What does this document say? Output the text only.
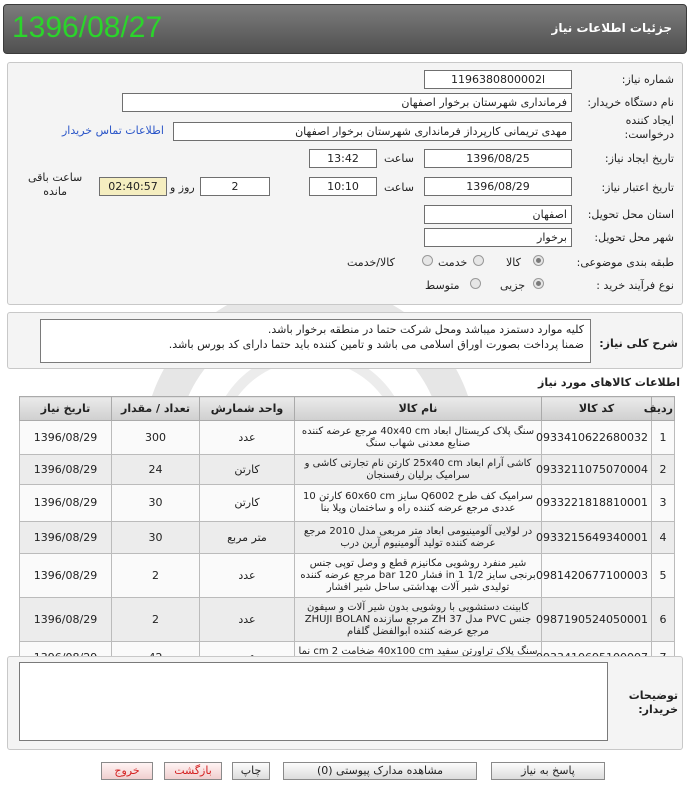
1396/08/27	جزئیات اطلاعات نیاز
شماره نیاز:
1196380800002l
نام دستگاه خریدار:
فرمانداری شهرستان برخوار اصفهان
ایجاد کننده
درخواست:
مهدی تریمانی کارپرداز فرمانداری شهرستان برخوار اصفهان
اطلاعات تماس خریدار
تاریخ ایجاد نیاز:
1396/08/25
ساعت
13:42
تاریخ اعتبار نیاز:
1396/08/29
ساعت
10:10
2
روز و
02:40:57
ساعت باقی
مانده
استان محل تحویل:
اصفهان
شهر محل تحویل:
برخوار
طبقه بندی موضوعی:
کالا
خدمت
کالا/خدمت
نوع فرآیند خرید :
جزیی
متوسط
شرح کلی نیاز:
کلیه موارد دستمزد میباشد ومحل شرکت حتما در منطقه برخوار باشد.
ضمنا پرداخت بصورت اوراق اسلامی می باشد و تامین کننده باید حتما دارای کد بورس باشد.
اطلاعات کالاهای مورد نیاز
ردیف	کد کالا	نام کالا	واحد شمارش	تعداد / مقدار	تاریخ نیاز
1	0933410622680032	سنگ پلاک کریستال ابعاد 40x40 cm مرجع عرضه کننده صنایع معدنی شهاب سنگ	عدد	300	1396/08/29
2	0933211075070004	کاشی آرام ابعاد 25x40 cm کارتن نام تجارتی کاشی و سرامیک برلیان رفسنجان	کارتن	24	1396/08/29
3	0933221818810001	سرامیک کف طرح Q6002 سایز 60x60 cm کارتن 10 عددی مرجع عرضه کننده راه و ساختمان ویلا بنا	کارتن	30	1396/08/29
4	0933215649340001	در لولایی آلومینیومی ابعاد متر مربعی مدل 2010 مرجع عرضه کننده تولید آلومینیوم آرین درب	متر مربع	30	1396/08/29
5	0981420677100003	شیر منفرد روشویی مکانیزم قطع و وصل توپی جنس برنجی سایز 1/2 in 1 فشار 120 bar مرجع عرضه کننده تولیدی شیر آلات بهداشتی ساحل شیر افشار	عدد	2	1396/08/29
6	0987190524050001	کابینت دستشویی با روشویی بدون شیر آلات و سیفون جنس PVC مدل ZH 37 مرجع سازنده ZHUJI BOLAN مرجع عرضه کننده ابوالفضل گلفام	عدد	2	1396/08/29
		سنگ پلاک تراورتن سفید 40x100 cm ضخامت 2 cm نما			
توضیحات
خریدار:
پاسخ به نیاز
مشاهده مدارک پیوستی (0)
چاپ
بازگشت
خروج
